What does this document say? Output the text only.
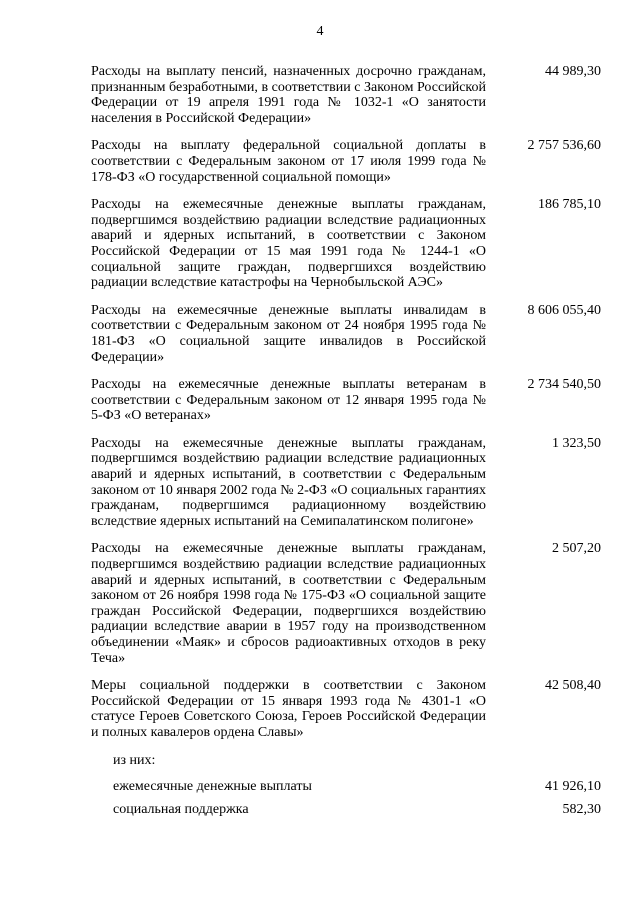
4
Расходы на выплату пенсий, назначенных досрочно гражданам, признанным безработными, в соответствии с Законом Российской Федерации от 19 апреля 1991 года № 1032-1 «О занятости населения в Российской Федерации»
44 989,30
Расходы на выплату федеральной социальной доплаты в соответствии с Федеральным законом от 17 июля 1999 года № 178-ФЗ «О государственной социальной помощи»
2 757 536,60
Расходы на ежемесячные денежные выплаты гражданам, подвергшимся воздействию радиации вследствие радиационных аварий и ядерных испытаний, в соответствии с Законом Российской Федерации от 15 мая 1991 года № 1244-1 «О социальной защите граждан, подвергшихся воздействию радиации вследствие катастрофы на Чернобыльской АЭС»
186 785,10
Расходы на ежемесячные денежные выплаты инвалидам в соответствии с Федеральным законом от 24 ноября 1995 года № 181-ФЗ «О социальной защите инвалидов в Российской Федерации»
8 606 055,40
Расходы на ежемесячные денежные выплаты ветеранам в соответствии с Федеральным законом от 12 января 1995 года № 5-ФЗ «О ветеранах»
2 734 540,50
Расходы на ежемесячные денежные выплаты гражданам, подвергшимся воздействию радиации вследствие радиационных аварий и ядерных испытаний, в соответствии с Федеральным законом от 10 января 2002 года № 2-ФЗ «О социальных гарантиях гражданам, подвергшимся радиационному воздействию вследствие ядерных испытаний на Семипалатинском полигоне»
1 323,50
Расходы на ежемесячные денежные выплаты гражданам, подвергшимся воздействию радиации вследствие радиационных аварий и ядерных испытаний, в соответствии с Федеральным законом от 26 ноября 1998 года № 175-ФЗ «О социальной защите граждан Российской Федерации, подвергшихся воздействию радиации вследствие аварии в 1957 году на производственном объединении «Маяк» и сбросов радиоактивных отходов в реку Теча»
2 507,20
Меры социальной поддержки в соответствии с Законом Российской Федерации от 15 января 1993 года № 4301-1 «О статусе Героев Советского Союза, Героев Российской Федерации и полных кавалеров ордена Славы»
42 508,40
из них:
ежемесячные денежные выплаты	41 926,10
социальная поддержка	582,30
